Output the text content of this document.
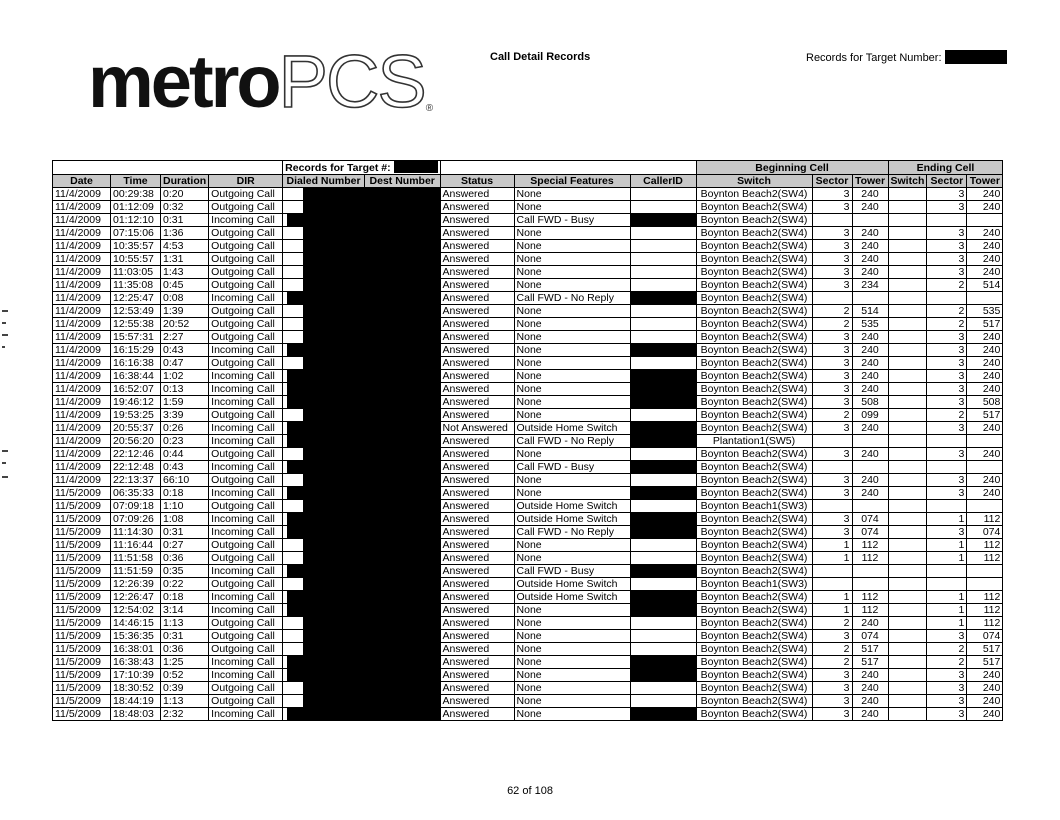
metroPCS®
Call Detail Records	Records for Target Number:
				Records for Target #:					Beginning Cell			Ending Cell		
Date	Time	Duration	DIR	Dialed Number	Dest Number	Status	Special Features	CallerID	Switch	Sector	Tower	Switch	Sector	Tower
11/4/2009	00:29:38	0:20	Outgoing Call			Answered	None		Boynton Beach2(SW4)	3	240		3	240
11/4/2009	01:12:09	0:32	Outgoing Call			Answered	None		Boynton Beach2(SW4)	3	240		3	240
11/4/2009	01:12:10	0:31	Incoming Call			Answered	Call FWD - Busy		Boynton Beach2(SW4)					
11/4/2009	07:15:06	1:36	Outgoing Call			Answered	None		Boynton Beach2(SW4)	3	240		3	240
11/4/2009	10:35:57	4:53	Outgoing Call			Answered	None		Boynton Beach2(SW4)	3	240		3	240
11/4/2009	10:55:57	1:31	Outgoing Call			Answered	None		Boynton Beach2(SW4)	3	240		3	240
11/4/2009	11:03:05	1:43	Outgoing Call			Answered	None		Boynton Beach2(SW4)	3	240		3	240
11/4/2009	11:35:08	0:45	Outgoing Call			Answered	None		Boynton Beach2(SW4)	3	234		2	514
11/4/2009	12:25:47	0:08	Incoming Call			Answered	Call FWD - No Reply		Boynton Beach2(SW4)					
11/4/2009	12:53:49	1:39	Outgoing Call			Answered	None		Boynton Beach2(SW4)	2	514		2	535
11/4/2009	12:55:38	20:52	Outgoing Call			Answered	None		Boynton Beach2(SW4)	2	535		2	517
11/4/2009	15:57:31	2:27	Outgoing Call			Answered	None		Boynton Beach2(SW4)	3	240		3	240
11/4/2009	16:15:29	0:43	Incoming Call			Answered	None		Boynton Beach2(SW4)	3	240		3	240
11/4/2009	16:16:38	0:47	Outgoing Call			Answered	None		Boynton Beach2(SW4)	3	240		3	240
11/4/2009	16:38:44	1:02	Incoming Call			Answered	None		Boynton Beach2(SW4)	3	240		3	240
11/4/2009	16:52:07	0:13	Incoming Call			Answered	None		Boynton Beach2(SW4)	3	240		3	240
11/4/2009	19:46:12	1:59	Incoming Call			Answered	None		Boynton Beach2(SW4)	3	508		3	508
11/4/2009	19:53:25	3:39	Outgoing Call			Answered	None		Boynton Beach2(SW4)	2	099		2	517
11/4/2009	20:55:37	0:26	Incoming Call			Not Answered	Outside Home Switch		Boynton Beach2(SW4)	3	240		3	240
11/4/2009	20:56:20	0:23	Incoming Call			Answered	Call FWD - No Reply		Plantation1(SW5)					
11/4/2009	22:12:46	0:44	Outgoing Call			Answered	None		Boynton Beach2(SW4)	3	240		3	240
11/4/2009	22:12:48	0:43	Incoming Call			Answered	Call FWD - Busy		Boynton Beach2(SW4)					
11/4/2009	22:13:37	66:10	Outgoing Call			Answered	None		Boynton Beach2(SW4)	3	240		3	240
11/5/2009	06:35:33	0:18	Incoming Call			Answered	None		Boynton Beach2(SW4)	3	240		3	240
11/5/2009	07:09:18	1:10	Outgoing Call			Answered	Outside Home Switch		Boynton Beach1(SW3)					
11/5/2009	07:09:26	1:08	Incoming Call			Answered	Outside Home Switch		Boynton Beach2(SW4)	3	074		1	112
11/5/2009	11:14:30	0:31	Incoming Call			Answered	Call FWD - No Reply		Boynton Beach2(SW4)	3	074		3	074
11/5/2009	11:16:44	0:27	Outgoing Call			Answered	None		Boynton Beach2(SW4)	1	112		1	112
11/5/2009	11:51:58	0:36	Outgoing Call			Answered	None		Boynton Beach2(SW4)	1	112		1	112
11/5/2009	11:51:59	0:35	Incoming Call			Answered	Call FWD - Busy		Boynton Beach2(SW4)					
11/5/2009	12:26:39	0:22	Outgoing Call			Answered	Outside Home Switch		Boynton Beach1(SW3)					
11/5/2009	12:26:47	0:18	Incoming Call			Answered	Outside Home Switch		Boynton Beach2(SW4)	1	112		1	112
11/5/2009	12:54:02	3:14	Incoming Call			Answered	None		Boynton Beach2(SW4)	1	112		1	112
11/5/2009	14:46:15	1:13	Outgoing Call			Answered	None		Boynton Beach2(SW4)	2	240		1	112
11/5/2009	15:36:35	0:31	Outgoing Call			Answered	None		Boynton Beach2(SW4)	3	074		3	074
11/5/2009	16:38:01	0:36	Outgoing Call			Answered	None		Boynton Beach2(SW4)	2	517		2	517
11/5/2009	16:38:43	1:25	Incoming Call			Answered	None		Boynton Beach2(SW4)	2	517		2	517
11/5/2009	17:10:39	0:52	Incoming Call			Answered	None		Boynton Beach2(SW4)	3	240		3	240
11/5/2009	18:30:52	0:39	Outgoing Call			Answered	None		Boynton Beach2(SW4)	3	240		3	240
11/5/2009	18:44:19	1:13	Outgoing Call			Answered	None		Boynton Beach2(SW4)	3	240		3	240
11/5/2009	18:48:03	2:32	Incoming Call			Answered	None		Boynton Beach2(SW4)	3	240		3	240
62 of 108
